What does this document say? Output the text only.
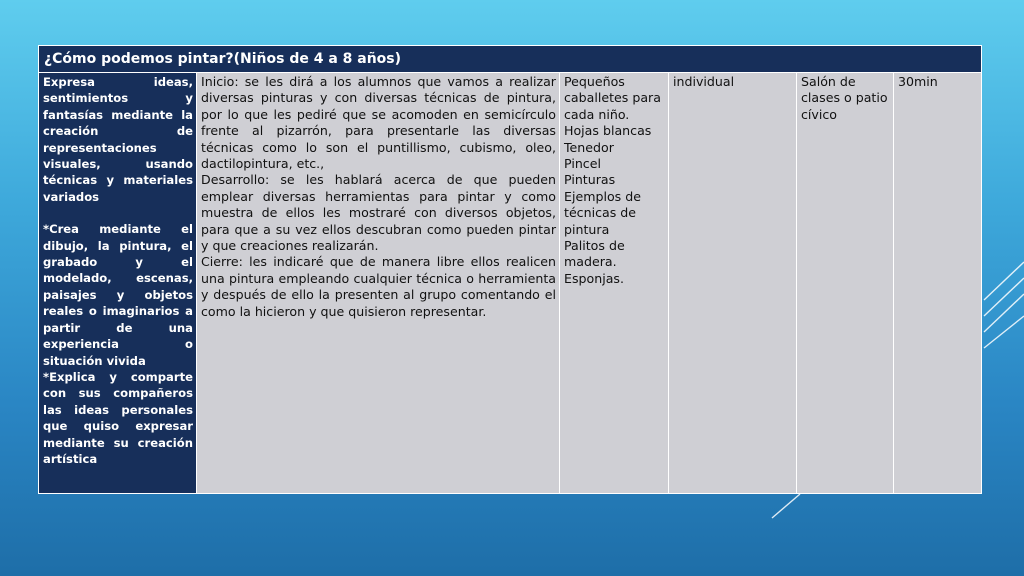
¿Cómo podemos pintar?(Niños de 4 a 8 años)

Expresa ideas, sentimientos y fantasías mediante la creación de representaciones visuales, usando técnicas y materiales variados

*Crea mediante el dibujo, la pintura, el grabado y el modelado, escenas, paisajes y objetos reales o imaginarios a partir de una experiencia o situación vivida

*Explica y comparte con sus compañeros las ideas personales que quiso expresar mediante su creación artística

Inicio: se les dirá a los alumnos que vamos a realizar diversas pinturas y con diversas técnicas de pintura, por lo que les pediré que se acomoden en semicírculo frente al pizarrón, para presentarle las diversas técnicas como lo son el puntillismo, cubismo, oleo, dactilopintura, etc.,
Desarrollo: se les hablará acerca de que pueden emplear diversas herramientas para pintar y como muestra de ellos les mostraré con diversos objetos, para que a su vez ellos descubran como pueden pintar y que creaciones realizarán.
Cierre: les indicaré que de manera libre ellos realicen una pintura empleando cualquier técnica o herramienta y después de ello la presenten al grupo comentando el como la hicieron y que quisieron representar.
Pequeños caballetes para cada niño.
Hojas blancas
Tenedor
Pincel
Pinturas
Ejemplos de técnicas de pintura
Palitos de madera.
Esponjas.
individual	Salón de clases o patio cívico
30min
